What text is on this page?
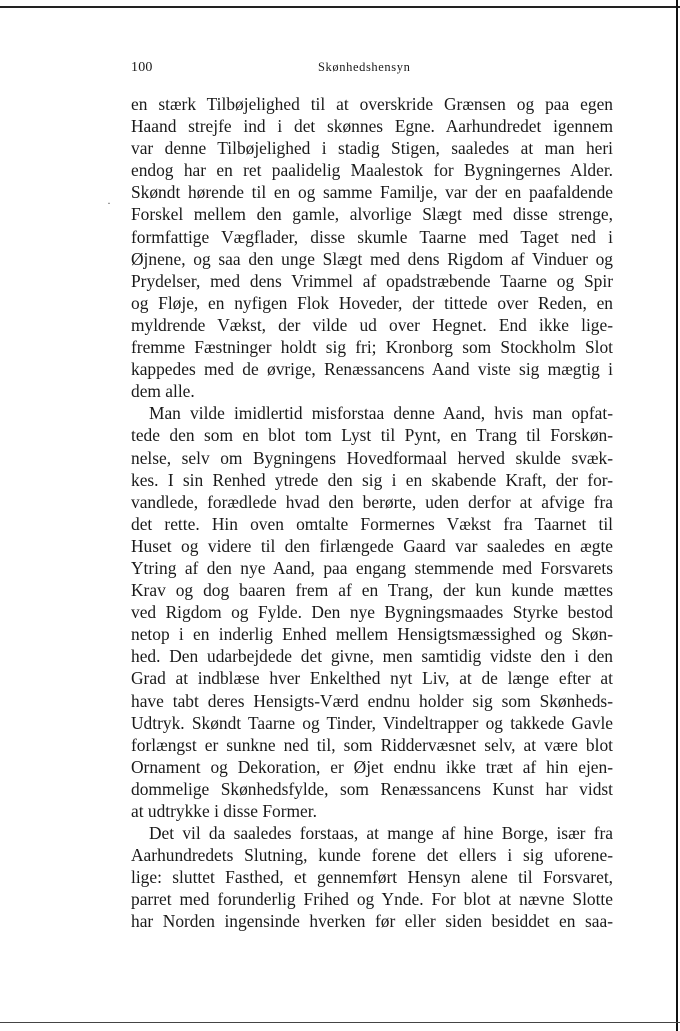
100	Skønhedshensyn
·
en stærk Tilbøjelighed til at overskride Grænsen og paa egen
Haand strejfe ind i det skønnes Egne. Aarhundredet igennem
var denne Tilbøjelighed i stadig Stigen, saaledes at man heri
endog har en ret paalidelig Maalestok for Bygningernes Alder.
Skøndt hørende til en og samme Familje, var der en paafaldende
Forskel mellem den gamle, alvorlige Slægt med disse strenge,
formfattige Vægflader, disse skumle Taarne med Taget ned i
Øjnene, og saa den unge Slægt med dens Rigdom af Vinduer og
Prydelser, med dens Vrimmel af opadstræbende Taarne og Spir
og Fløje, en nyfigen Flok Hoveder, der tittede over Reden, en
myldrende Vækst, der vilde ud over Hegnet. End ikke lige-
fremme Fæstninger holdt sig fri; Kronborg som Stockholm Slot
kappedes med de øvrige, Renæssancens Aand viste sig mægtig i
dem alle.
Man vilde imidlertid misforstaa denne Aand, hvis man opfat-
tede den som en blot tom Lyst til Pynt, en Trang til Forskøn-
nelse, selv om Bygningens Hovedformaal herved skulde svæk-
kes. I sin Renhed ytrede den sig i en skabende Kraft, der for-
vandlede, forædlede hvad den berørte, uden derfor at afvige fra
det rette. Hin oven omtalte Formernes Vækst fra Taarnet til
Huset og videre til den firlængede Gaard var saaledes en ægte
Ytring af den nye Aand, paa engang stemmende med Forsvarets
Krav og dog baaren frem af en Trang, der kun kunde mættes
ved Rigdom og Fylde. Den nye Bygningsmaades Styrke bestod
netop i en inderlig Enhed mellem Hensigtsmæssighed og Skøn-
hed. Den udarbejdede det givne, men samtidig vidste den i den
Grad at indblæse hver Enkelthed nyt Liv, at de længe efter at
have tabt deres Hensigts-Værd endnu holder sig som Skønheds-
Udtryk. Skøndt Taarne og Tinder, Vindeltrapper og takkede Gavle
forlængst er sunkne ned til, som Riddervæsnet selv, at være blot
Ornament og Dekoration, er Øjet endnu ikke træt af hin ejen-
dommelige Skønhedsfylde, som Renæssancens Kunst har vidst
at udtrykke i disse Former.
Det vil da saaledes forstaas, at mange af hine Borge, især fra
Aarhundredets Slutning, kunde forene det ellers i sig uforene-
lige: sluttet Fasthed, et gennemført Hensyn alene til Forsvaret,
parret med forunderlig Frihed og Ynde. For blot at nævne Slotte
har Norden ingensinde hverken før eller siden besiddet en saa-
